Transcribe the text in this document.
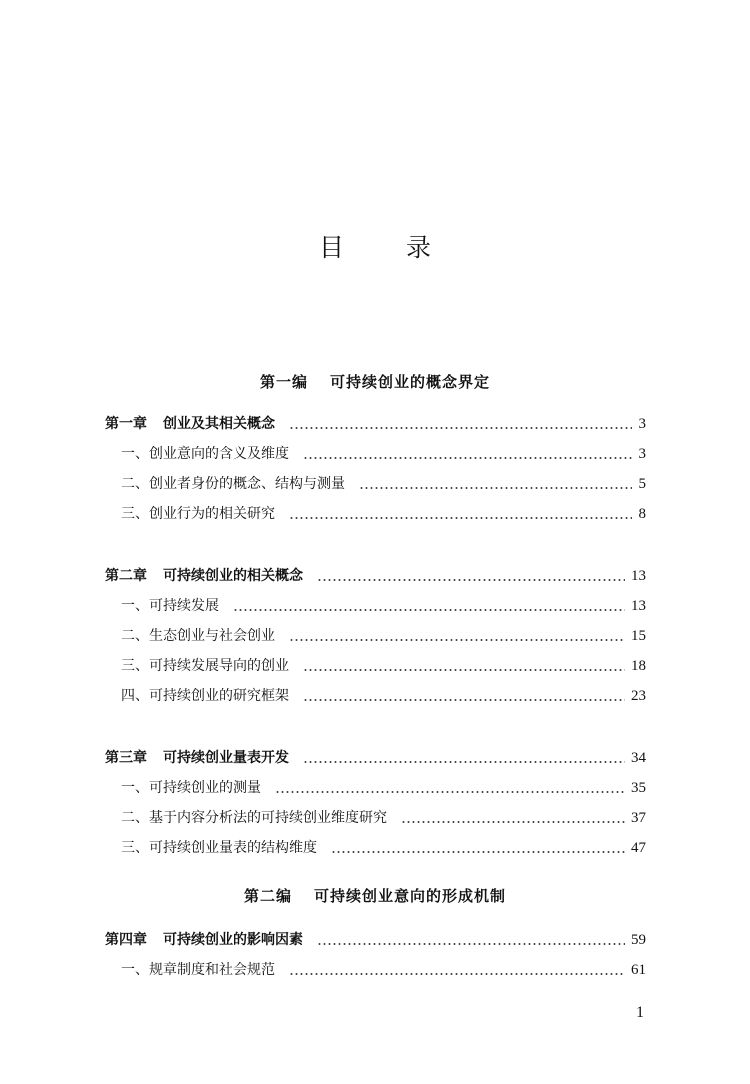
目 录
第一编 可持续创业的概念界定
第一章 创业及其相关概念	3
一、创业意向的含义及维度	3
二、创业者身份的概念、结构与测量	5
三、创业行为的相关研究	8
第二章 可持续创业的相关概念	13
一、可持续发展	13
二、生态创业与社会创业	15
三、可持续发展导向的创业	18
四、可持续创业的研究框架	23
第三章 可持续创业量表开发	34
一、可持续创业的测量	35
二、基于内容分析法的可持续创业维度研究	37
三、可持续创业量表的结构维度	47
第二编 可持续创业意向的形成机制
第四章 可持续创业的影响因素	59
一、规章制度和社会规范	61
1
